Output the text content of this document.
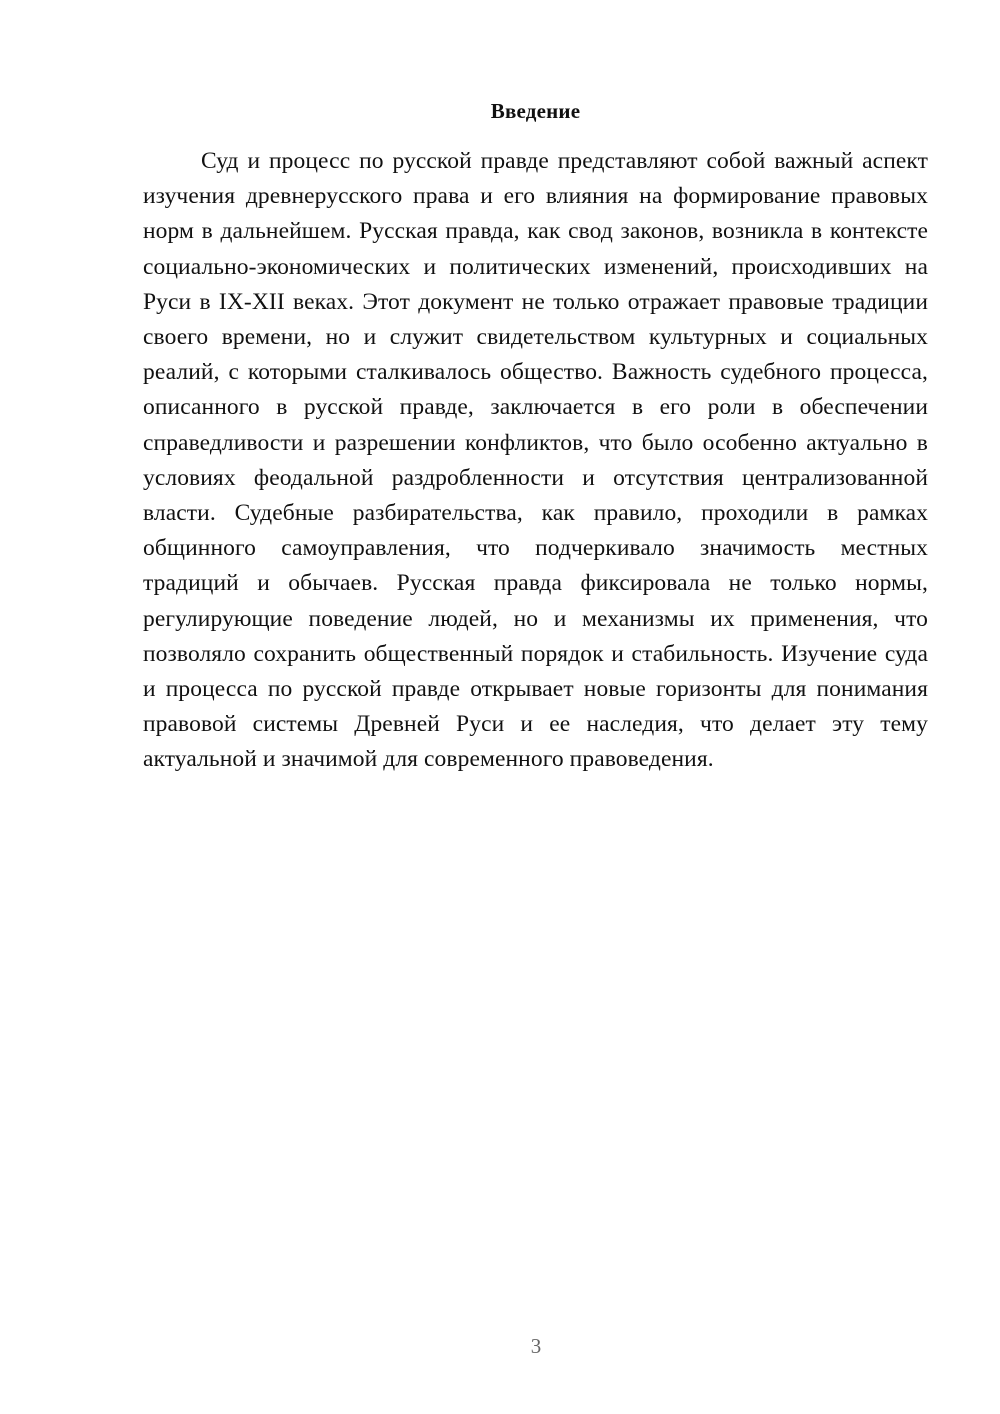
Введение

Суд и процесс по русской правде представляют собой важный аспект изучения древнерусского права и его влияния на формирование правовых норм в дальнейшем. Русская правда, как свод законов, возникла в контексте социально-экономических и политических изменений, происходивших на Руси в IX-XII веках. Этот документ не только отражает правовые традиции своего времени, но и служит свидетельством культурных и социальных реалий, с которыми сталкивалось общество. Важность судебного процесса, описанного в русской правде, заключается в его роли в обеспечении справедливости и разрешении конфликтов, что было особенно актуально в условиях феодальной раздробленности и отсутствия централизованной власти. Судебные разбирательства, как правило, проходили в рамках общинного самоуправления, что подчеркивало значимость местных традиций и обычаев. Русская правда фиксировала не только нормы, регулирующие поведение людей, но и механизмы их применения, что позволяло сохранить общественный порядок и стабильность. Изучение суда и процесса по русской правде открывает новые горизонты для понимания правовой системы Древней Руси и ее наследия, что делает эту тему актуальной и значимой для современного правоведения.

3
